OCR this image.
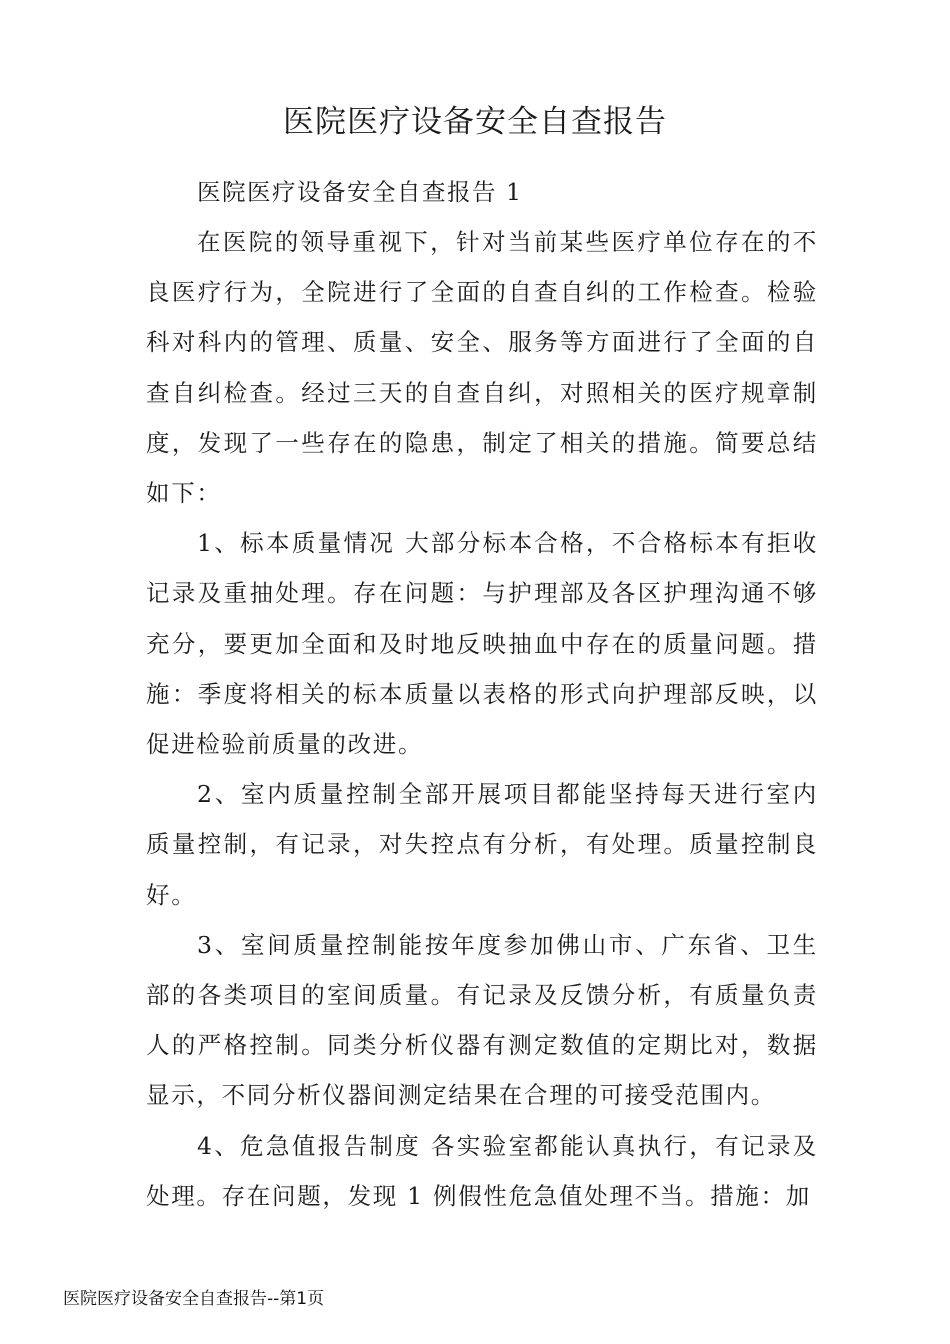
医院医疗设备安全自查报告
医院医疗设备安全自查报告 1

在医院的领导重视下，针对当前某些医疗单位存在的不良医疗行为，全院进行了全面的自查自纠的工作检查。检验科对科内的管理、质量、安全、服务等方面进行了全面的自查自纠检查。经过三天的自查自纠，对照相关的医疗规章制度，发现了一些存在的隐患，制定了相关的措施。简要总结如下：

1、标本质量情况 大部分标本合格，不合格标本有拒收记录及重抽处理。存在问题：与护理部及各区护理沟通不够充分，要更加全面和及时地反映抽血中存在的质量问题。措施：季度将相关的标本质量以表格的形式向护理部反映，以促进检验前质量的改进。

2、室内质量控制全部开展项目都能坚持每天进行室内质量控制，有记录，对失控点有分析，有处理。质量控制良好。

3、室间质量控制能按年度参加佛山市、广东省、卫生部的各类项目的室间质量。有记录及反馈分析，有质量负责人的严格控制。同类分析仪器有测定数值的定期比对，数据显示，不同分析仪器间测定结果在合理的可接受范围内。

4、危急值报告制度 各实验室都能认真执行，有记录及处理。存在问题，发现 1 例假性危急值处理不当。措施：加

医院医疗设备安全自查报告--第1页
